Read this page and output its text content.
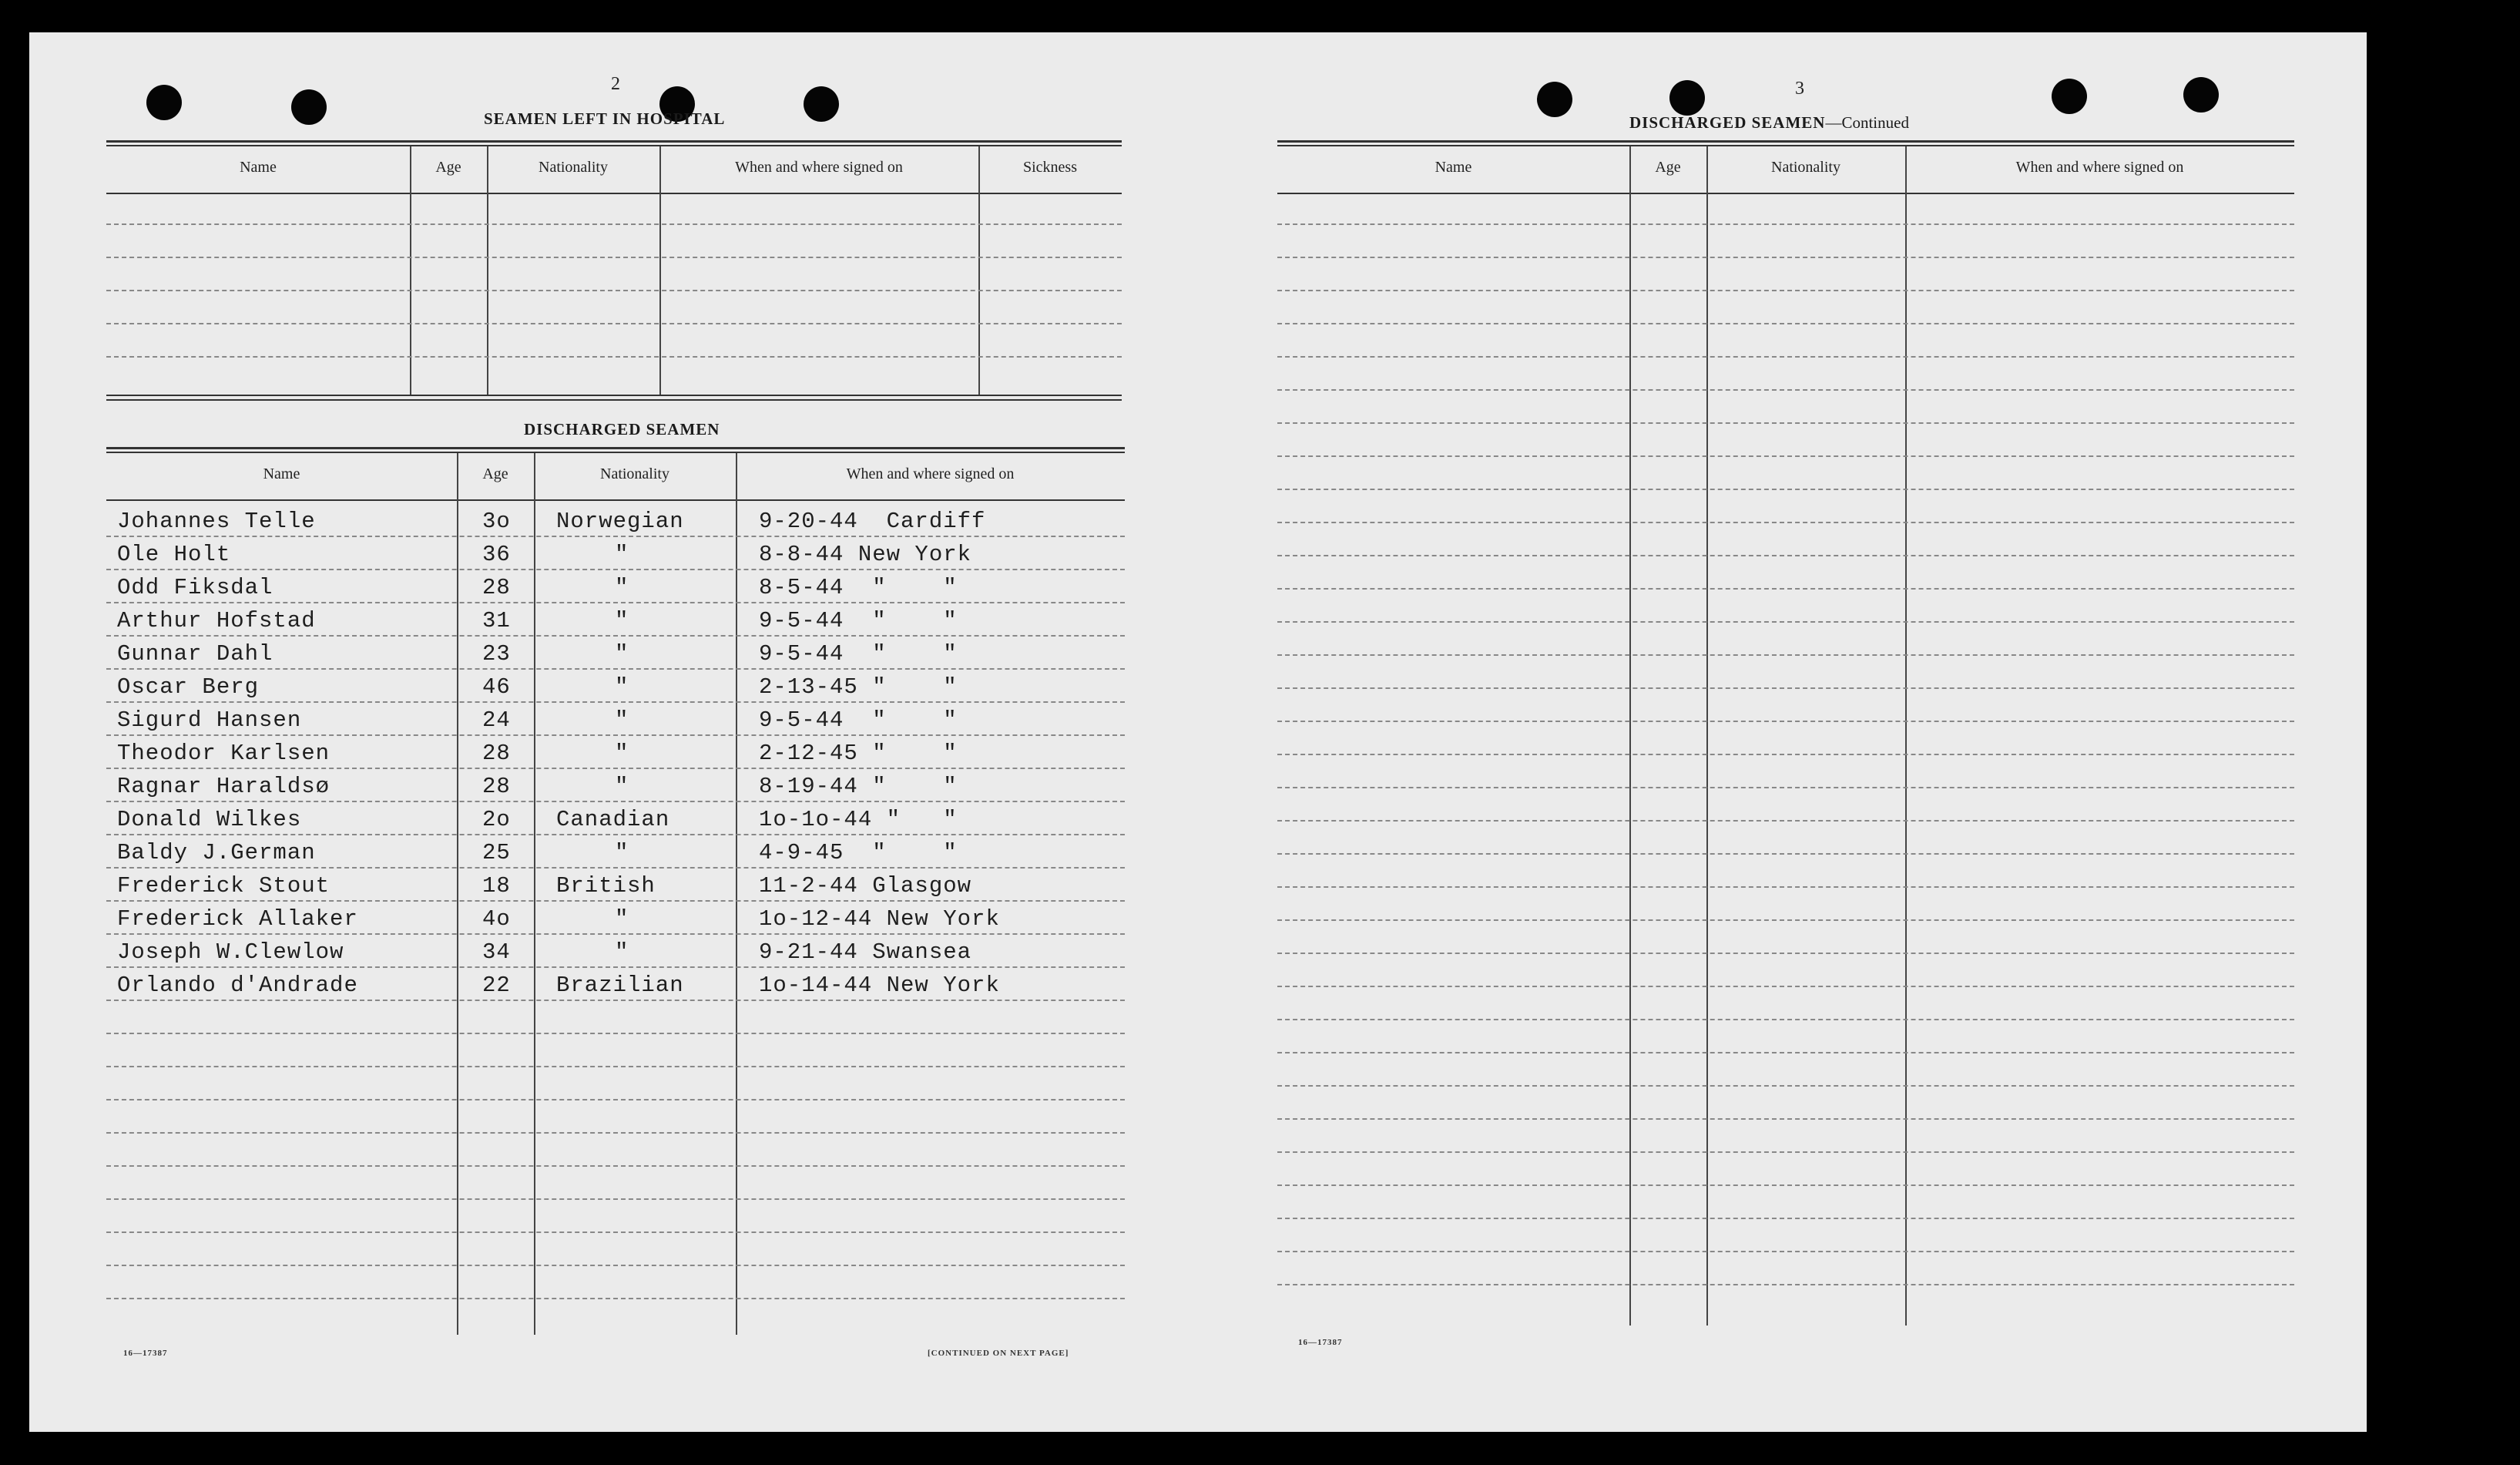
2
SEAMEN LEFT IN HOSPITAL
Name	Age	Nationality	When and where signed on	Sickness
DISCHARGED SEAMEN
Name	Age	Nationality	When and where signed on
Johannes Telle	3o Norwegian	9-20-44  Cardiff
Ole Holt	36	"	8-8-44 New York
Odd Fiksdal	28	"	8-5-44  "    "
Arthur Hofstad	31	"	9-5-44  "    "
Gunnar Dahl	23	"	9-5-44  "    "
Oscar Berg	46	"	2-13-45 "    "
Sigurd Hansen	24	"	9-5-44  "    "
Theodor Karlsen	28	"	2-12-45 "    "
Ragnar Haraldsø	28	"	8-19-44 "    "
Donald Wilkes	2o Canadian	1o-1o-44 "   "
Baldy J.German	25	"	4-9-45  "    "
Frederick Stout	18 British	11-2-44 Glasgow
Frederick Allaker	4o	"	1o-12-44 New York
Joseph W.Clewlow	34	"	9-21-44 Swansea
Orlando d'Andrade	22 Brazilian	1o-14-44 New York
16—17387	[CONTINUED ON NEXT PAGE]
3
DISCHARGED SEAMEN—Continued
Name	Age	Nationality	When and where signed on
16—17387
